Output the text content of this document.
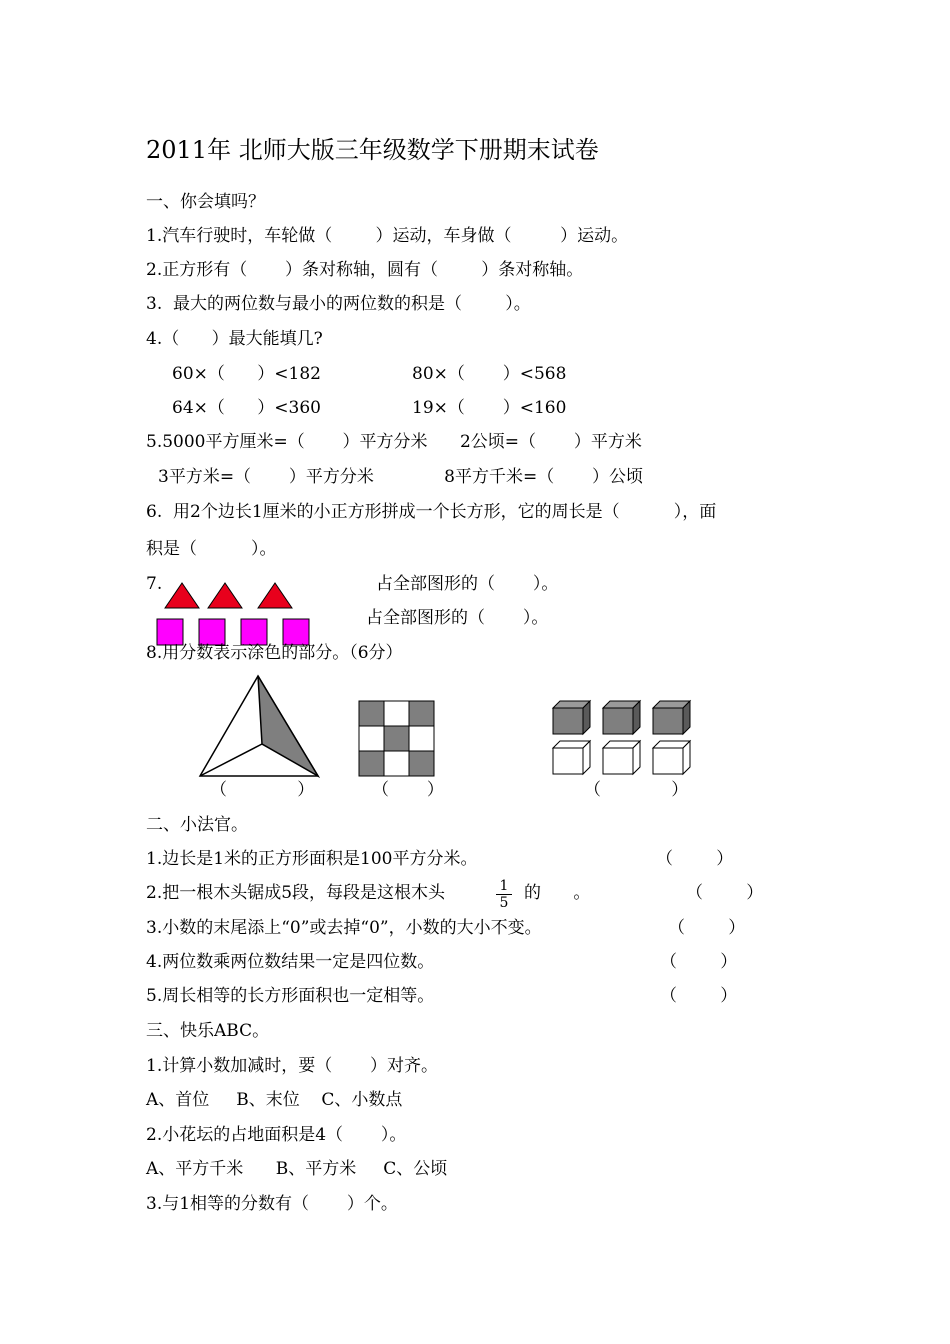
2011年 北师大版三年级数学下册期末试卷
一、你会填吗？
1.汽车行驶时，车轮做（        ）运动，车身做（         ）运动。
2.正方形有（       ）条对称轴，圆有（        ）条对称轴。
3.  最大的两位数与最小的两位数的积是（        ）。
4.（      ）最大能填几?
60×（      ）<182	80×（       ）<568
64×（      ）<360	19×（       ）<160
5.5000平方厘米=（       ）平方分米      2公顷=（       ）平方米
3平方米=（       ）平方分米             8平方千米=（       ）公顷
6.  用2个边长1厘米的小正方形拼成一个长方形，它的周长是（          ），面
积是（          ）。
7.	占全部图形的（       ）。
占全部图形的（       ）。
8.用分数表示涂色的部分。（6分）
（             ）	（       ）	（             ）
二、小法官。
1.边长是1米的正方形面积是100平方分米。	（        ）
2.把一根木头锯成5段，每段是这根木头	$\frac{1}{5}$ 的      。	（        ）
3.小数的末尾添上“0”或去掉“0”，小数的大小不变。	（        ）
4.两位数乘两位数结果一定是四位数。	（        ）
5.周长相等的长方形面积也一定相等。	（        ）
三、快乐ABC。
1.计算小数加减时，要（       ）对齐。
A、首位     B、末位    C、小数点
2.小花坛的占地面积是4（       ）。
A、平方千米      B、平方米     C、公顷
3.与1相等的分数有（       ）个。
